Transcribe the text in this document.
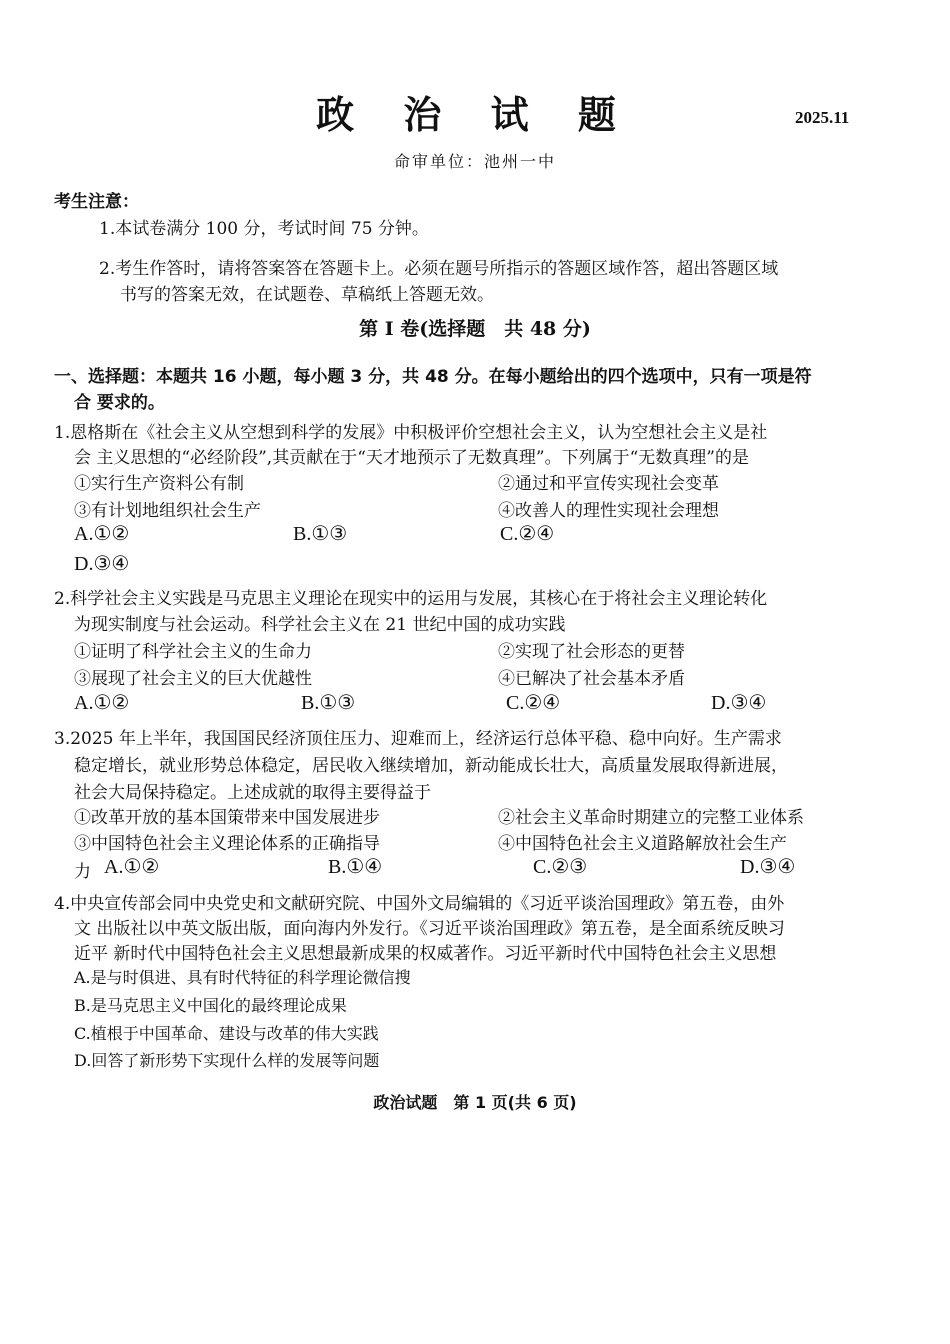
政 治 试 题	2025.11
命审单位：池州一中
考生注意：
1.本试卷满分 100 分，考试时间 75 分钟。
2.考生作答时，请将答案答在答题卡上。必须在题号所指示的答题区域作答，超出答题区域
书写的答案无效，在试题卷、草稿纸上答题无效。
第 I 卷(选择题　共 48 分)
一、选择题：本题共 16 小题，每小题 3 分，共 48 分。在每小题给出的四个选项中，只有一项是符
合 要求的。
1.恩格斯在《社会主义从空想到科学的发展》中积极评价空想社会主义，认为空想社会主义是社
会 主义思想的“必经阶段”,其贡献在于“天才地预示了无数真理”。下列属于“无数真理”的是
①实行生产资料公有制	②通过和平宣传实现社会变革
③有计划地组织社会生产	④改善人的理性实现社会理想
A.①②	B.①③	C.②④
D.③④
2.科学社会主义实践是马克思主义理论在现实中的运用与发展，其核心在于将社会主义理论转化
为现实制度与社会运动。科学社会主义在 21 世纪中国的成功实践
①证明了科学社会主义的生命力	②实现了社会形态的更替
③展现了社会主义的巨大优越性	④已解决了社会基本矛盾
A.①②	B.①③	C.②④	D.③④
3.2025 年上半年，我国国民经济顶住压力、迎难而上，经济运行总体平稳、稳中向好。生产需求
稳定增长，就业形势总体稳定，居民收入继续增加，新动能成长壮大，高质量发展取得新进展，
社会大局保持稳定。上述成就的取得主要得益于
①改革开放的基本国策带来中国发展进步	②社会主义革命时期建立的完整工业体系
③中国特色社会主义理论体系的正确指导	④中国特色社会主义道路解放社会生产
力 A.①②	B.①④	C.②③	D.③④
4.中央宣传部会同中央党史和文献研究院、中国外文局编辑的《习近平谈治国理政》第五卷，由外
文 出版社以中英文版出版，面向海内外发行。《习近平谈治国理政》第五卷，是全面系统反映习
近平 新时代中国特色社会主义思想最新成果的权威著作。习近平新时代中国特色社会主义思想
A.是与时俱进、具有时代特征的科学理论微信搜
B.是马克思主义中国化的最终理论成果
C.植根于中国革命、建设与改革的伟大实践
D.回答了新形势下实现什么样的发展等问题
政治试题　第 1 页(共 6 页)
